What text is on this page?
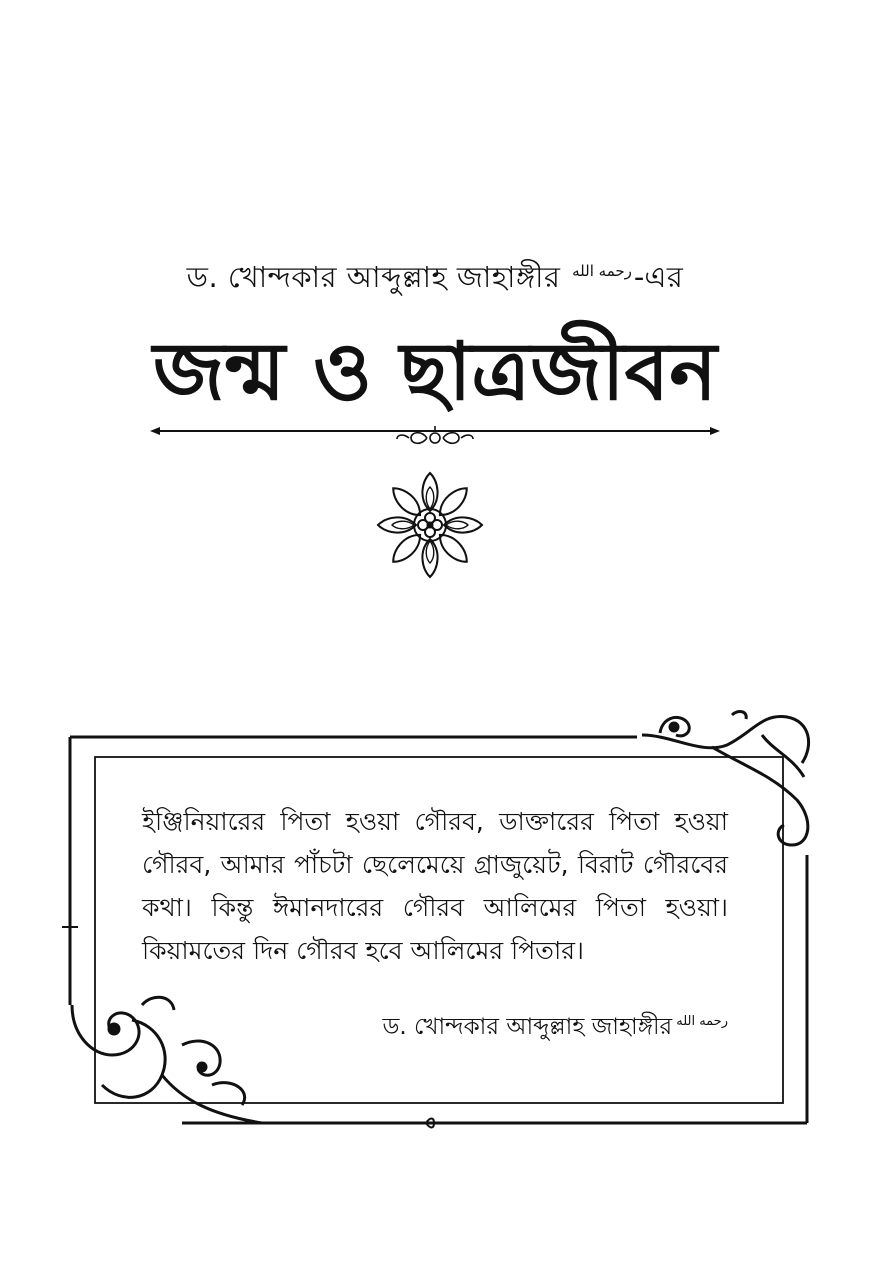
ড. খোন্দকার আব্দুল্লাহ জাহাঙ্গীর $^{رحمه الله}$-এর
জন্ম ও ছাত্রজীবন

ইঞ্জিনিয়ারের পিতা হওয়া গৌরব, ডাক্তারের পিতা হওয়া গৌরব, আমার পাঁচটা ছেলেমেয়ে গ্রাজুয়েট, বিরাট গৌরবের কথা। কিন্তু ঈমানদারের গৌরব আলিমের পিতা হওয়া। কিয়ামতের দিন গৌরব হবে আলিমের পিতার।

ড. খোন্দকার আব্দুল্লাহ জাহাঙ্গীর $^{رحمه الله}$
